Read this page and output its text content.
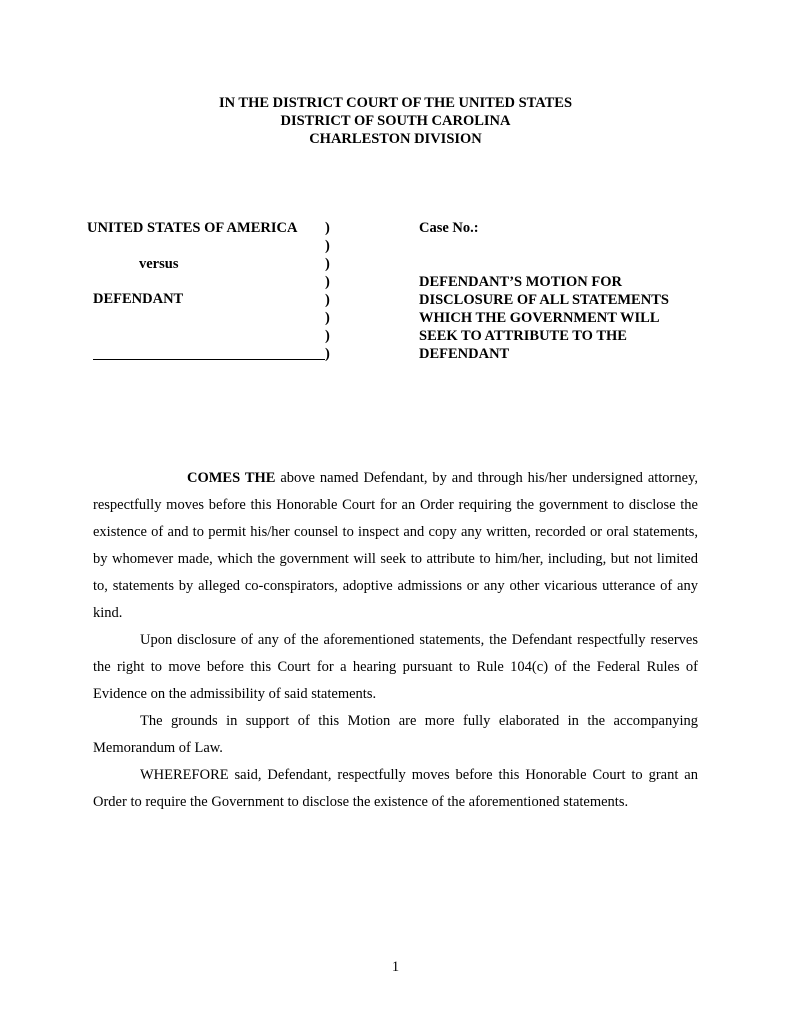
IN THE DISTRICT COURT OF THE UNITED STATES
DISTRICT OF SOUTH CAROLINA
CHARLESTON DIVISION
UNITED STATES OF AMERICA
versus
DEFENDANT
)
)
)
)
)
)
)
)
Case No.:
DEFENDANT’S MOTION FOR
DISCLOSURE OF ALL STATEMENTS
WHICH THE GOVERNMENT WILL
SEEK TO ATTRIBUTE TO THE
DEFENDANT

COMES THE above named Defendant, by and through his/her undersigned attorney, respectfully moves before this Honorable Court for an Order requiring the government to disclose the existence of and to permit his/her counsel to inspect and copy any written, recorded or oral statements, by whomever made, which the government will seek to attribute to him/her, including, but not limited to, statements by alleged co-conspirators, adoptive admissions or any other vicarious utterance of any kind.

Upon disclosure of any of the aforementioned statements, the Defendant respectfully reserves the right to move before this Court for a hearing pursuant to Rule 104(c) of the Federal Rules of Evidence on the admissibility of said statements.

The grounds in support of this Motion are more fully elaborated in the accompanying Memorandum of Law.

WHEREFORE said, Defendant, respectfully moves before this Honorable Court to grant an Order to require the Government to disclose the existence of the aforementioned statements.

1
